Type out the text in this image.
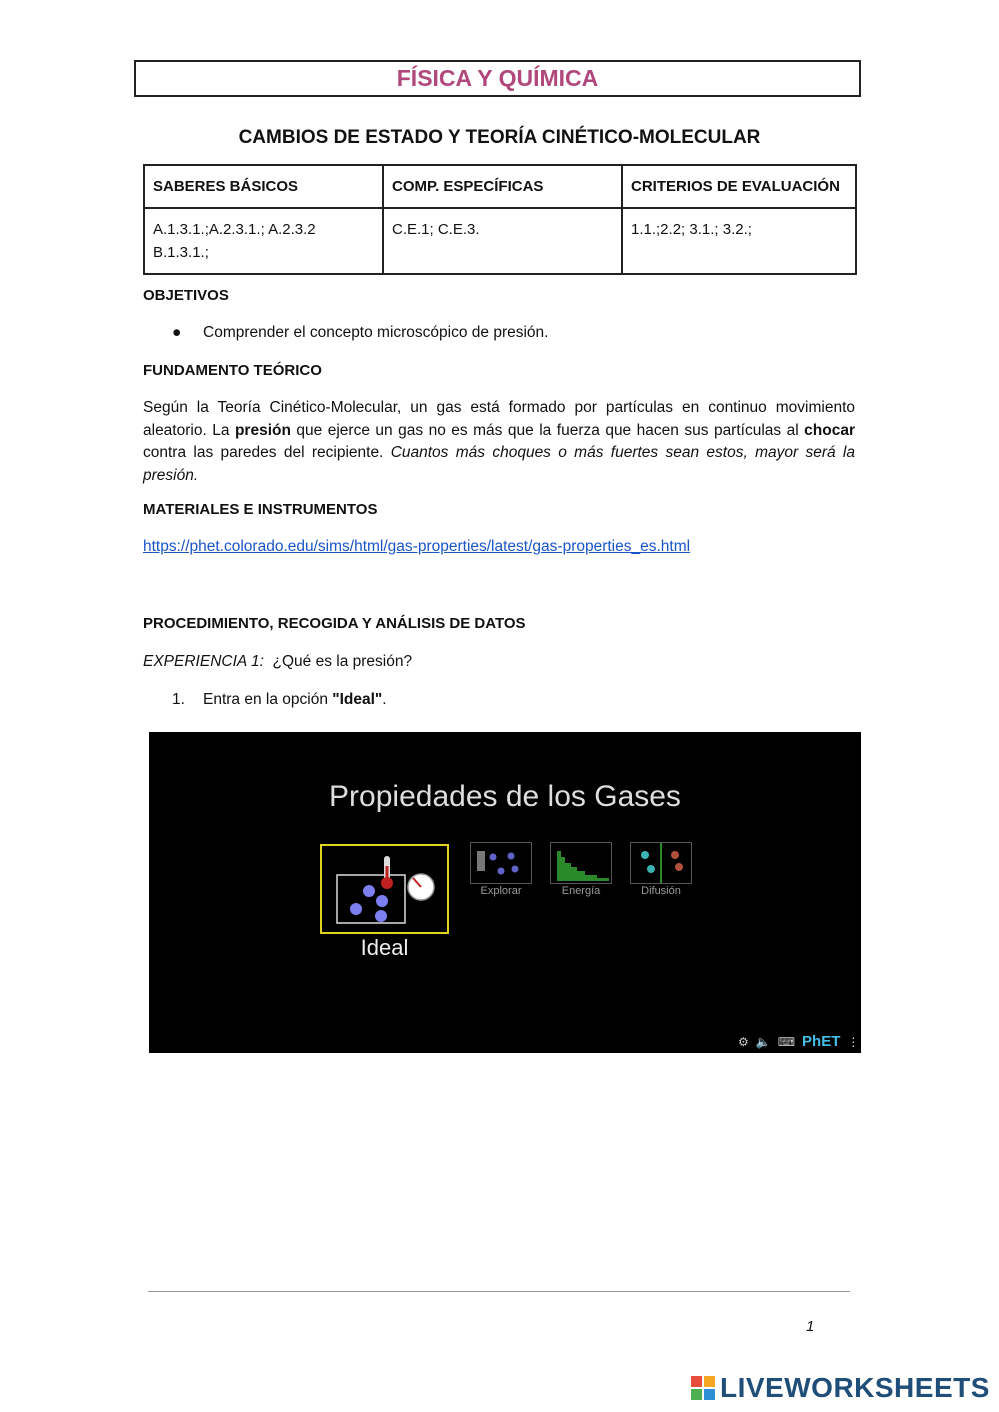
FÍSICA Y QUÍMICA
CAMBIOS DE ESTADO Y TEORÍA CINÉTICO-MOLECULAR
SABERES BÁSICOS	COMP. ESPECÍFICAS	CRITERIOS DE EVALUACIÓN
A.1.3.1.;A.2.3.1.; A.2.3.2 B.1.3.1.;	C.E.1; C.E.3.	1.1.;2.2; 3.1.; 3.2.;
OBJETIVOS
● Comprender el concepto microscópico de presión.
FUNDAMENTO TEÓRICO
Según la Teoría Cinético-Molecular, un gas está formado por partículas en continuo movimiento aleatorio. La presión que ejerce un gas no es más que la fuerza que hacen sus partículas al chocar contra las paredes del recipiente. Cuantos más choques o más fuertes sean estos, mayor será la presión.
MATERIALES E INSTRUMENTOS
https://phet.colorado.edu/sims/html/gas-properties/latest/gas-properties_es.html
PROCEDIMIENTO, RECOGIDA Y ANÁLISIS DE DATOS
EXPERIENCIA 1: ¿Qué es la presión?
1. Entra en la opción "Ideal".
Propiedades de los Gases
Ideal
Explorar	Energía	Difusión
⚙ 🔈 ⌨ PhET ⋮
1
LIVEWORKSHEETS
